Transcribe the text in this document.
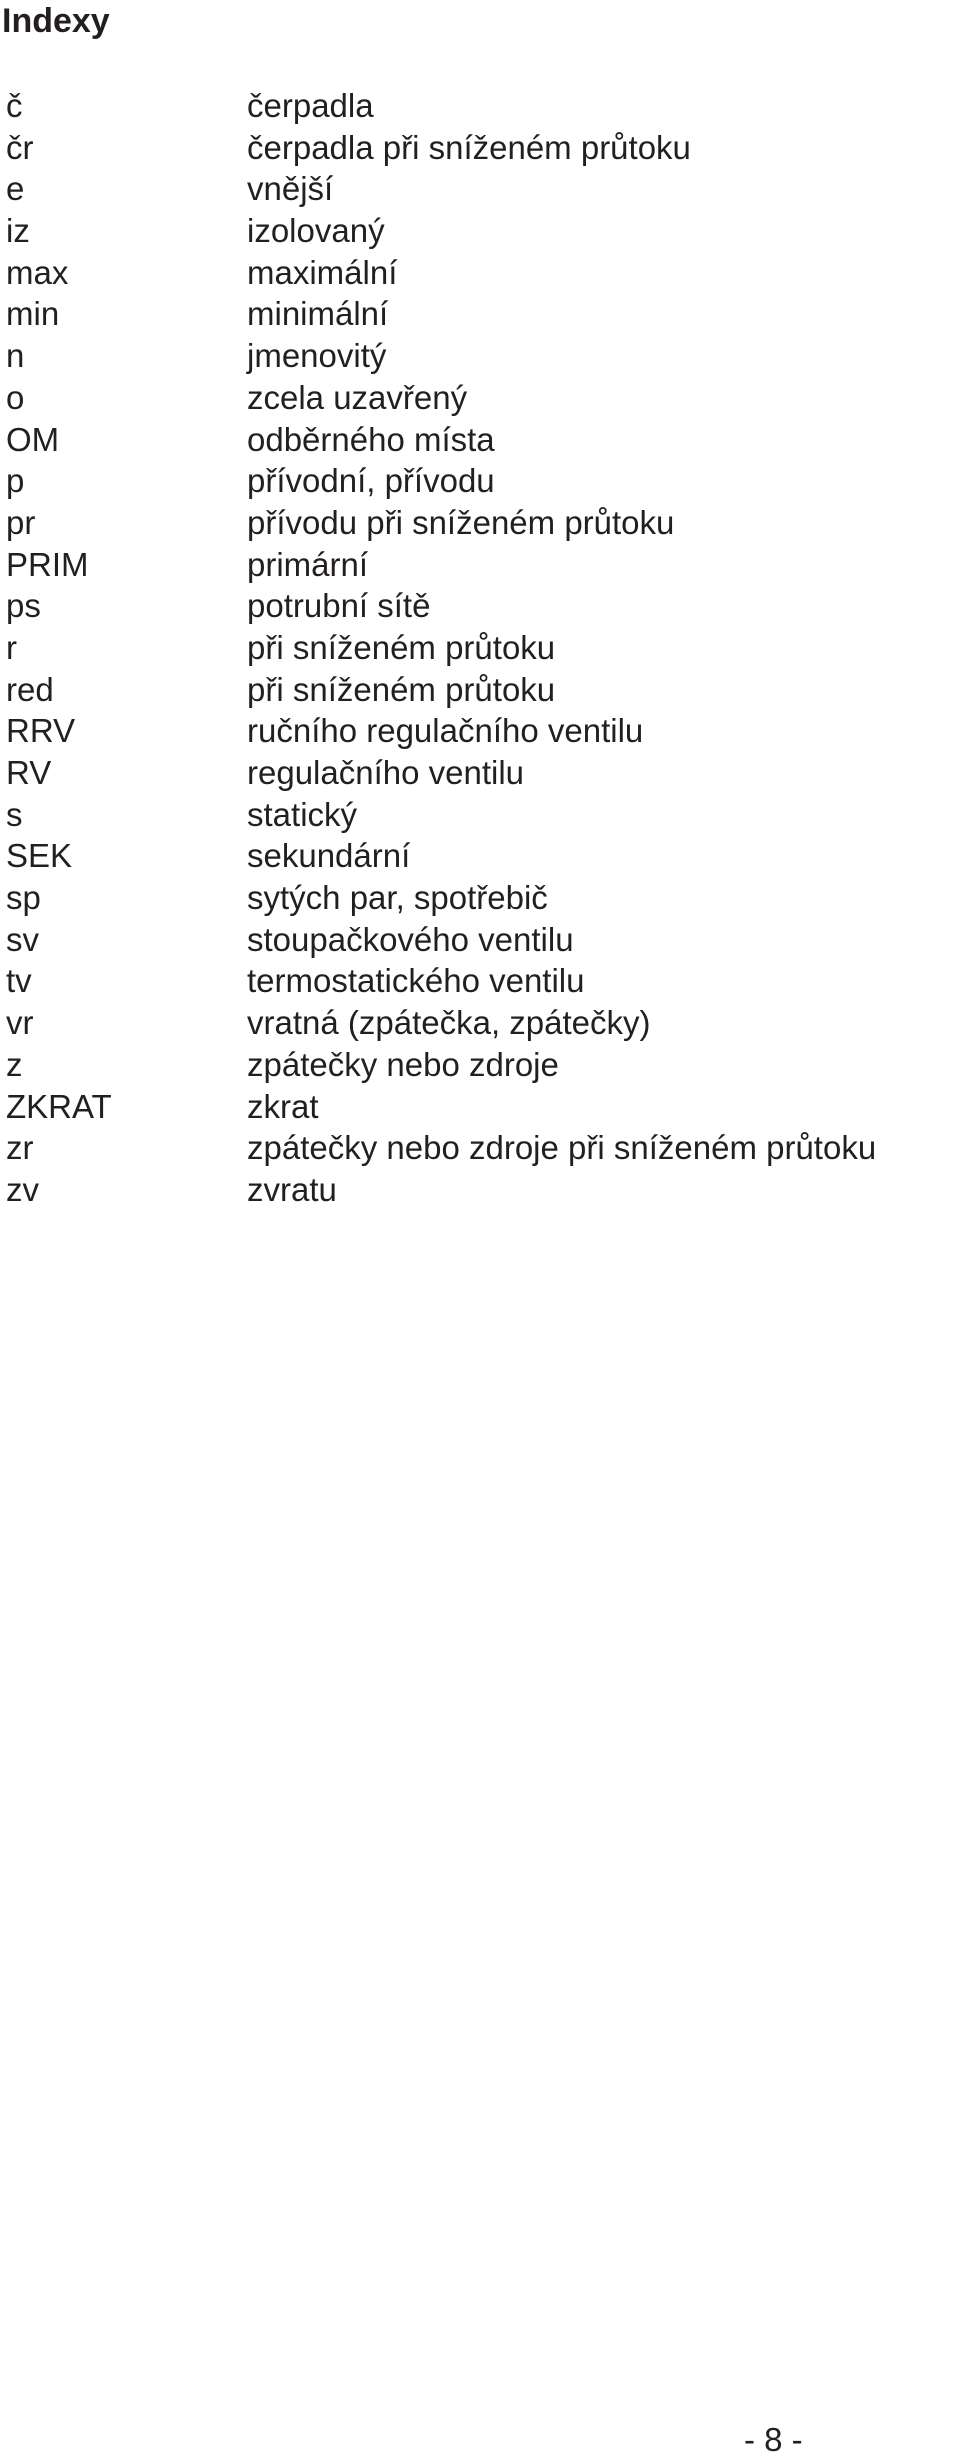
Indexy
č	čerpadla
čr	čerpadla při sníženém průtoku
e	vnější
iz	izolovaný
max	maximální
min	minimální
n	jmenovitý
o	zcela uzavřený
OM	odběrného místa
p	přívodní, přívodu
pr	přívodu při sníženém průtoku
PRIM	primární
ps	potrubní sítě
r	při sníženém průtoku
red	při sníženém průtoku
RRV	ručního regulačního ventilu
RV	regulačního ventilu
s	statický
SEK	sekundární
sp	sytých par, spotřebič
sv	stoupačkového ventilu
tv	termostatického ventilu
vr	vratná (zpátečka, zpátečky)
z	zpátečky nebo zdroje
ZKRAT	zkrat
zr	zpátečky nebo zdroje při sníženém průtoku
zv	zvratu
- 8 -
